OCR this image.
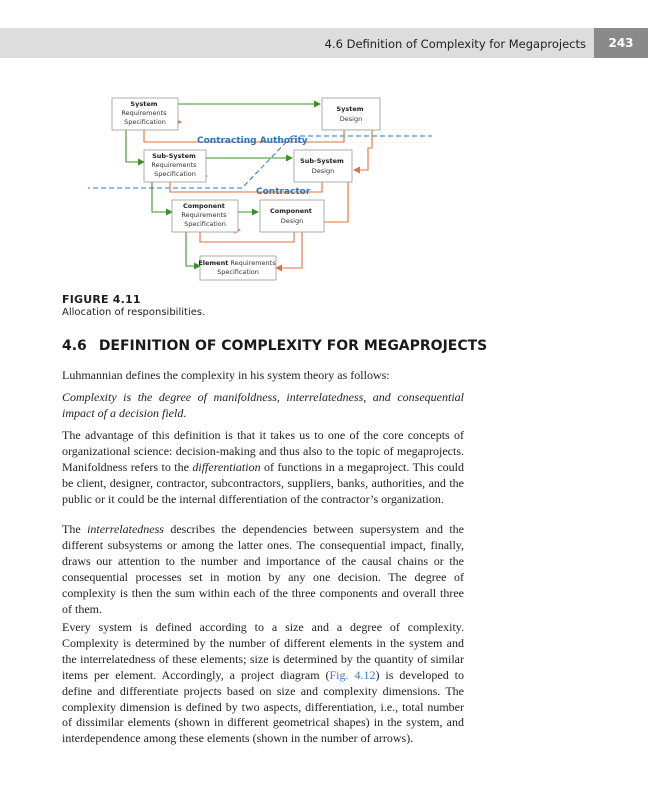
4.6 Definition of Complexity for Megaprojects	243
System Requirements Specification
System Design
Sub-System Requirements Specification
Sub-System Design
Component Requirements Specification
Component Design
Element Requirements Specification
Contracting Authority
Contractor
FIGURE 4.11
Allocation of responsibilities.
4.6 DEFINITION OF COMPLEXITY FOR MEGAPROJECTS

Luhmannian defines the complexity in his system theory as follows:

Complexity is the degree of manifoldness, interrelatedness, and consequential impact of a decision field.

The advantage of this definition is that it takes us to one of the core concepts of organizational science: decision-making and thus also to the topic of megaprojects. Manifoldness refers to the differentiation of functions in a megaproject. This could be client, designer, contractor, subcontractors, suppliers, banks, authorities, and the public or it could be the internal differentiation of the contractor’s organization.

The interrelatedness describes the dependencies between supersystem and the different subsystems or among the latter ones. The consequential impact, finally, draws our attention to the number and importance of the causal chains or the consequential processes set in motion by any one decision. The degree of complexity is then the sum within each of the three components and overall three of them.

Every system is defined according to a size and a degree of complexity. Complexity is determined by the number of different elements in the system and the interrelatedness of these elements; size is determined by the quantity of similar items per element. Accordingly, a project diagram (Fig. 4.12) is developed to define and differentiate projects based on size and complexity dimensions. The complexity dimension is defined by two aspects, differentiation, i.e., total number of dissimilar elements (shown in different geometrical shapes) in the system, and interdependence among these elements (shown in the number of arrows).
